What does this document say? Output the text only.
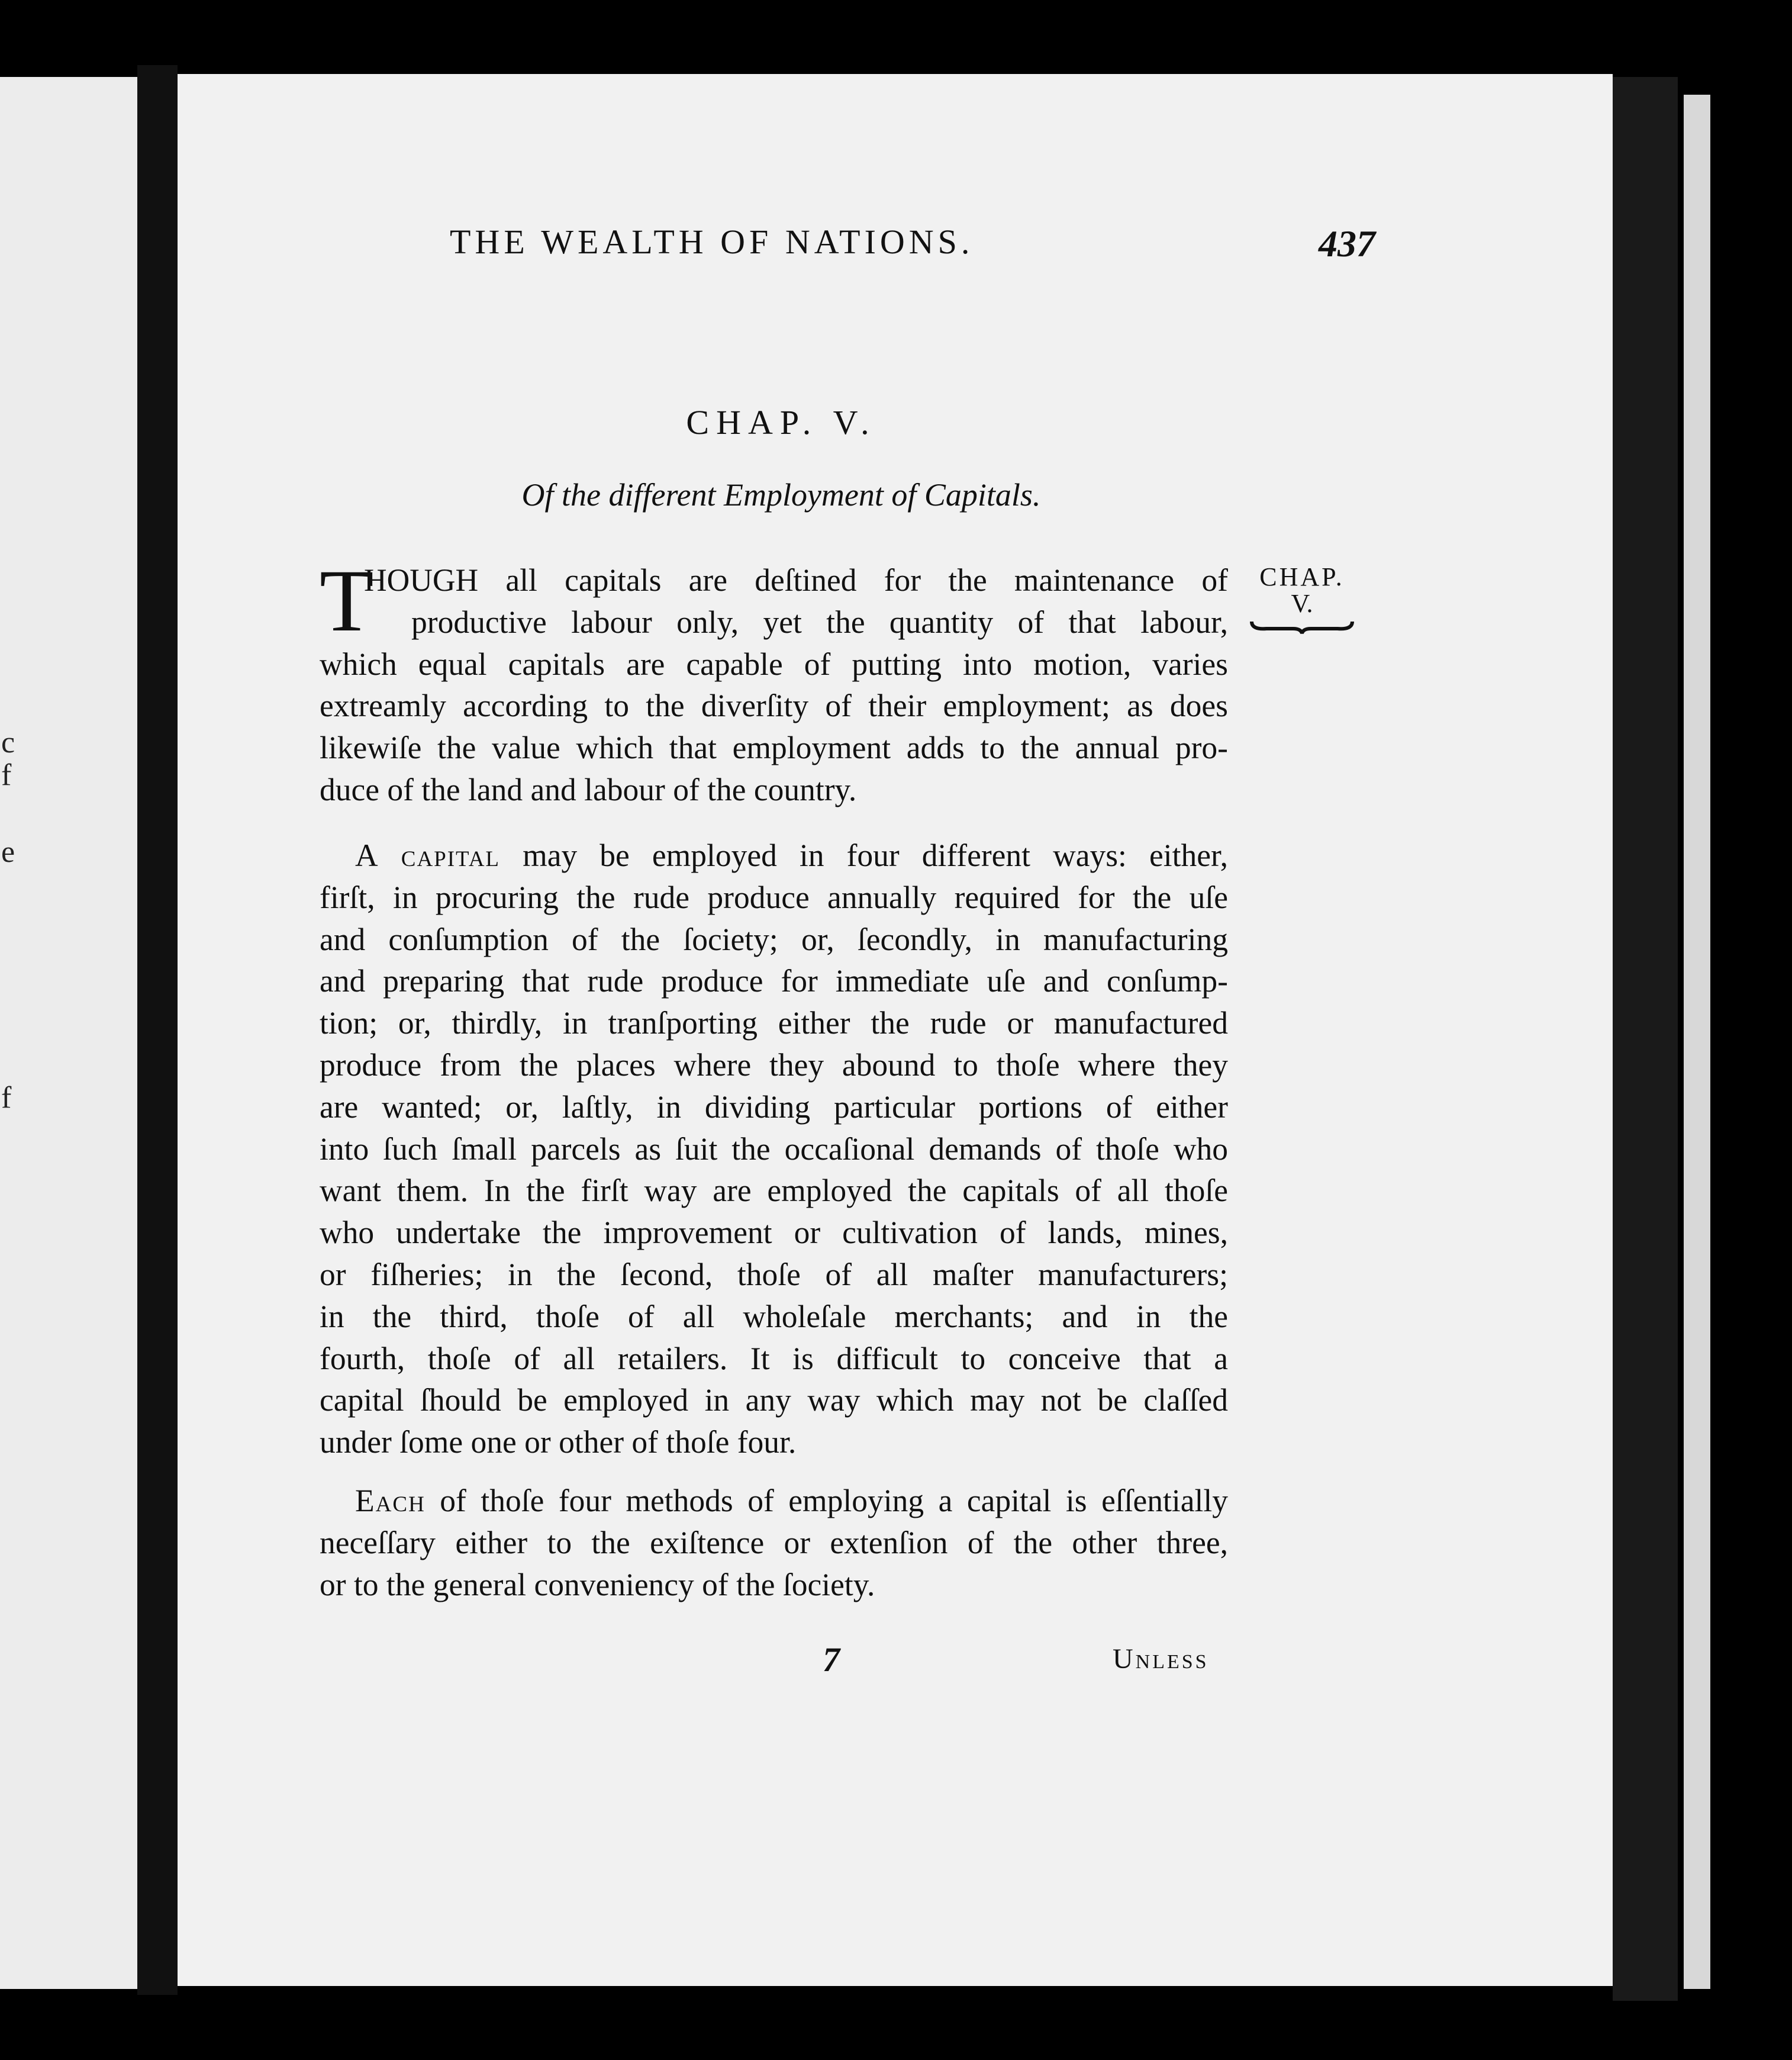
c
f
e
f
THE WEALTH OF NATIONS.	437
CHAP. V.
Of the different Employment of Capitals.
CHAP.
V.
T
HOUGH all capitals are deſtined for the maintenance of
productive labour only, yet the quantity of that labour,
which equal capitals are capable of putting into motion, varies
extreamly according to the diverſity of their employment; as does
likewiſe the value which that employment adds to the annual pro-
duce of the land and labour of the country.
A capital may be employed in four different ways: either,
firſt, in procuring the rude produce annually required for the uſe
and conſumption of the ſociety; or, ſecondly, in manufacturing
and preparing that rude produce for immediate uſe and conſump-
tion; or, thirdly, in tranſporting either the rude or manufactured
produce from the places where they abound to thoſe where they
are wanted; or, laſtly, in dividing particular portions of either
into ſuch ſmall parcels as ſuit the occaſional demands of thoſe who
want them. In the firſt way are employed the capitals of all thoſe
who undertake the improvement or cultivation of lands, mines,
or fiſheries; in the ſecond, thoſe of all maſter manufacturers;
in the third, thoſe of all wholeſale merchants; and in the
fourth, thoſe of all retailers. It is difficult to conceive that a
capital ſhould be employed in any way which may not be claſſed
under ſome one or other of thoſe four.
Each of thoſe four methods of employing a capital is eſſentially
neceſſary either to the exiſtence or extenſion of the other three,
or to the general conveniency of the ſociety.
7	Unless
